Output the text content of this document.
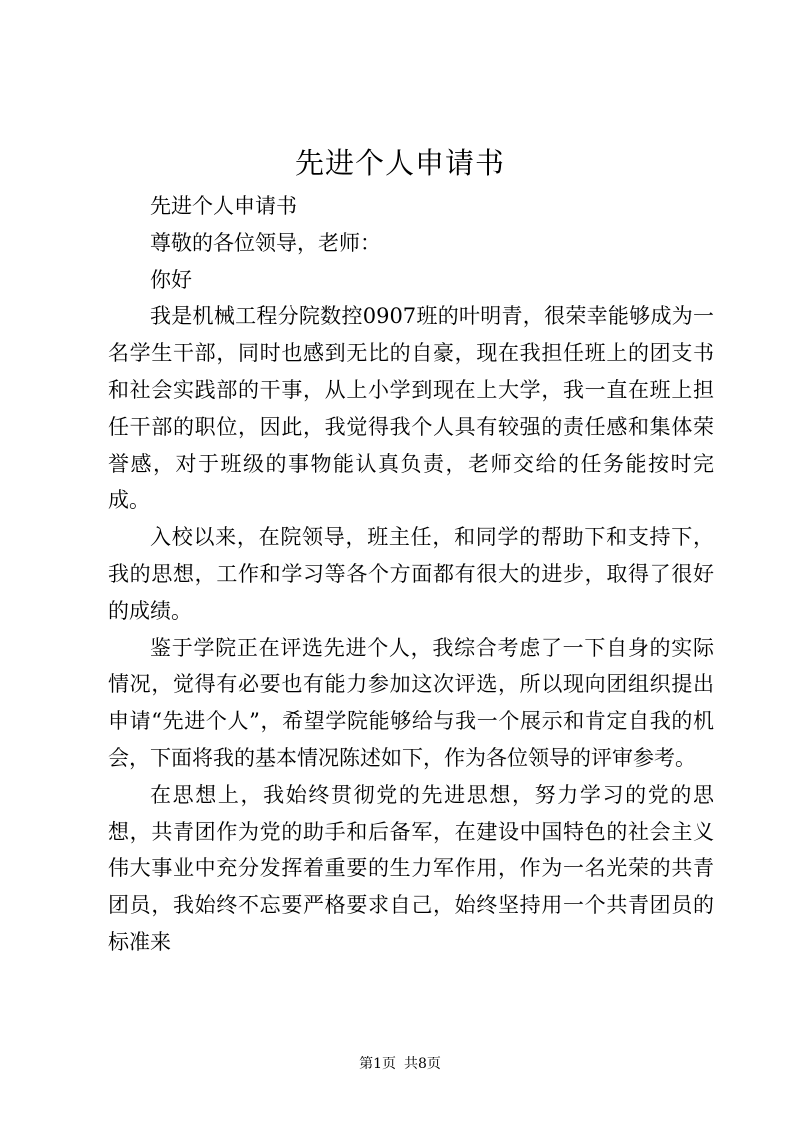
先进个人申请书

先进个人申请书

尊敬的各位领导，老师：

你好

我是机械工程分院数控0907班的叶明青，很荣幸能够成为一名学生干部，同时也感到无比的自豪，现在我担任班上的团支书和社会实践部的干事，从上小学到现在上大学，我一直在班上担任干部的职位，因此，我觉得我个人具有较强的责任感和集体荣誉感，对于班级的事物能认真负责，老师交给的任务能按时完成。

入校以来，在院领导，班主任，和同学的帮助下和支持下，我的思想，工作和学习等各个方面都有很大的进步，取得了很好的成绩。

鉴于学院正在评选先进个人，我综合考虑了一下自身的实际情况，觉得有必要也有能力参加这次评选，所以现向团组织提出申请“先进个人”，希望学院能够给与我一个展示和肯定自我的机会，下面将我的基本情况陈述如下，作为各位领导的评审参考。

在思想上，我始终贯彻党的先进思想，努力学习的党的思想，共青团作为党的助手和后备军，在建设中国特色的社会主义伟大事业中充分发挥着重要的生力军作用，作为一名光荣的共青团员，我始终不忘要严格要求自己，始终坚持用一个共青团员的标准来

第1页 共8页
